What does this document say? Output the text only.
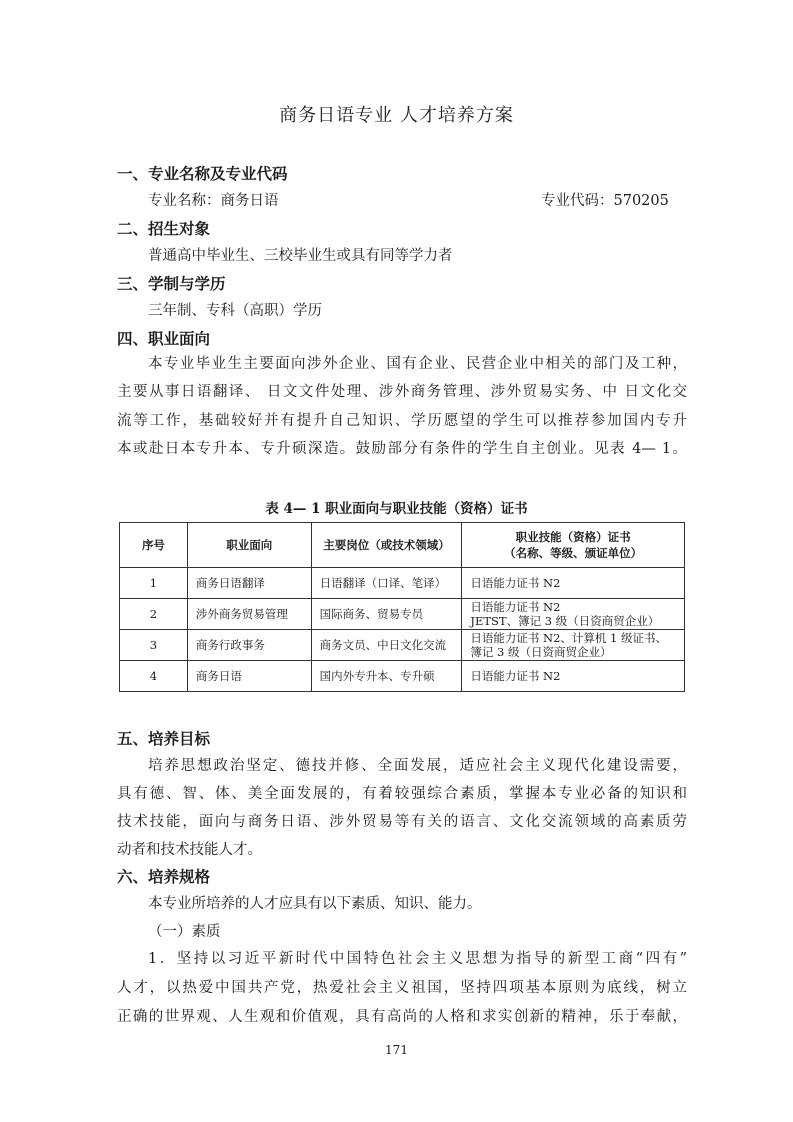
商务日语专业 人才培养方案
一、专业名称及专业代码
专业名称：商务日语	专业代码：570205
二、招生对象
普通高中毕业生、三校毕业生或具有同等学力者
三、学制与学历
三年制、专科（高职）学历
四、职业面向
本专业毕业生主要面向涉外企业、国有企业、民营企业中相关的部门及工种，
主要从事日语翻译、 日文文件处理、涉外商务管理、涉外贸易实务、中 日文化交
流等工作，基础较好并有提升自己知识、学历愿望的学生可以推荐参加国内专升
本或赴日本专升本、专升硕深造。鼓励部分有条件的学生自主创业。见表 4— 1。
表 4— 1 职业面向与职业技能（资格）证书
序号	职业面向	主要岗位（或技术领域）	职业技能（资格）证书
（名称、等级、颁证单位）

1	商务日语翻译	日语翻译（口译、笔译）	日语能力证书 N2

2	涉外商务贸易管理	国际商务、贸易专员	日语能力证书 N2
JETST、簿记 3 级（日资商贸企业）

3	商务行政事务	商务文员、中日文化交流	日语能力证书 N2、计算机 1 级证书、
簿记 3 级（日资商贸企业）

4	商务日语	国内外专升本、专升硕	日语能力证书 N2
五、培养目标
培养思想政治坚定、德技并修、全面发展，适应社会主义现代化建设需要，
具有德、智、体、美全面发展的，有着较强综合素质，掌握本专业必备的知识和
技术技能，面向与商务日语、涉外贸易等有关的语言、文化交流领域的高素质劳
动者和技术技能人才。
六、培养规格
本专业所培养的人才应具有以下素质、知识、能力。
（一）素质
1．坚持以习近平新时代中国特色社会主义思想为指导的新型工商“四有”
人才，以热爱中国共产党，热爱社会主义祖国，坚持四项基本原则为底线，树立
正确的世界观、人生观和价值观，具有高尚的人格和求实创新的精神，乐于奉献，
171
